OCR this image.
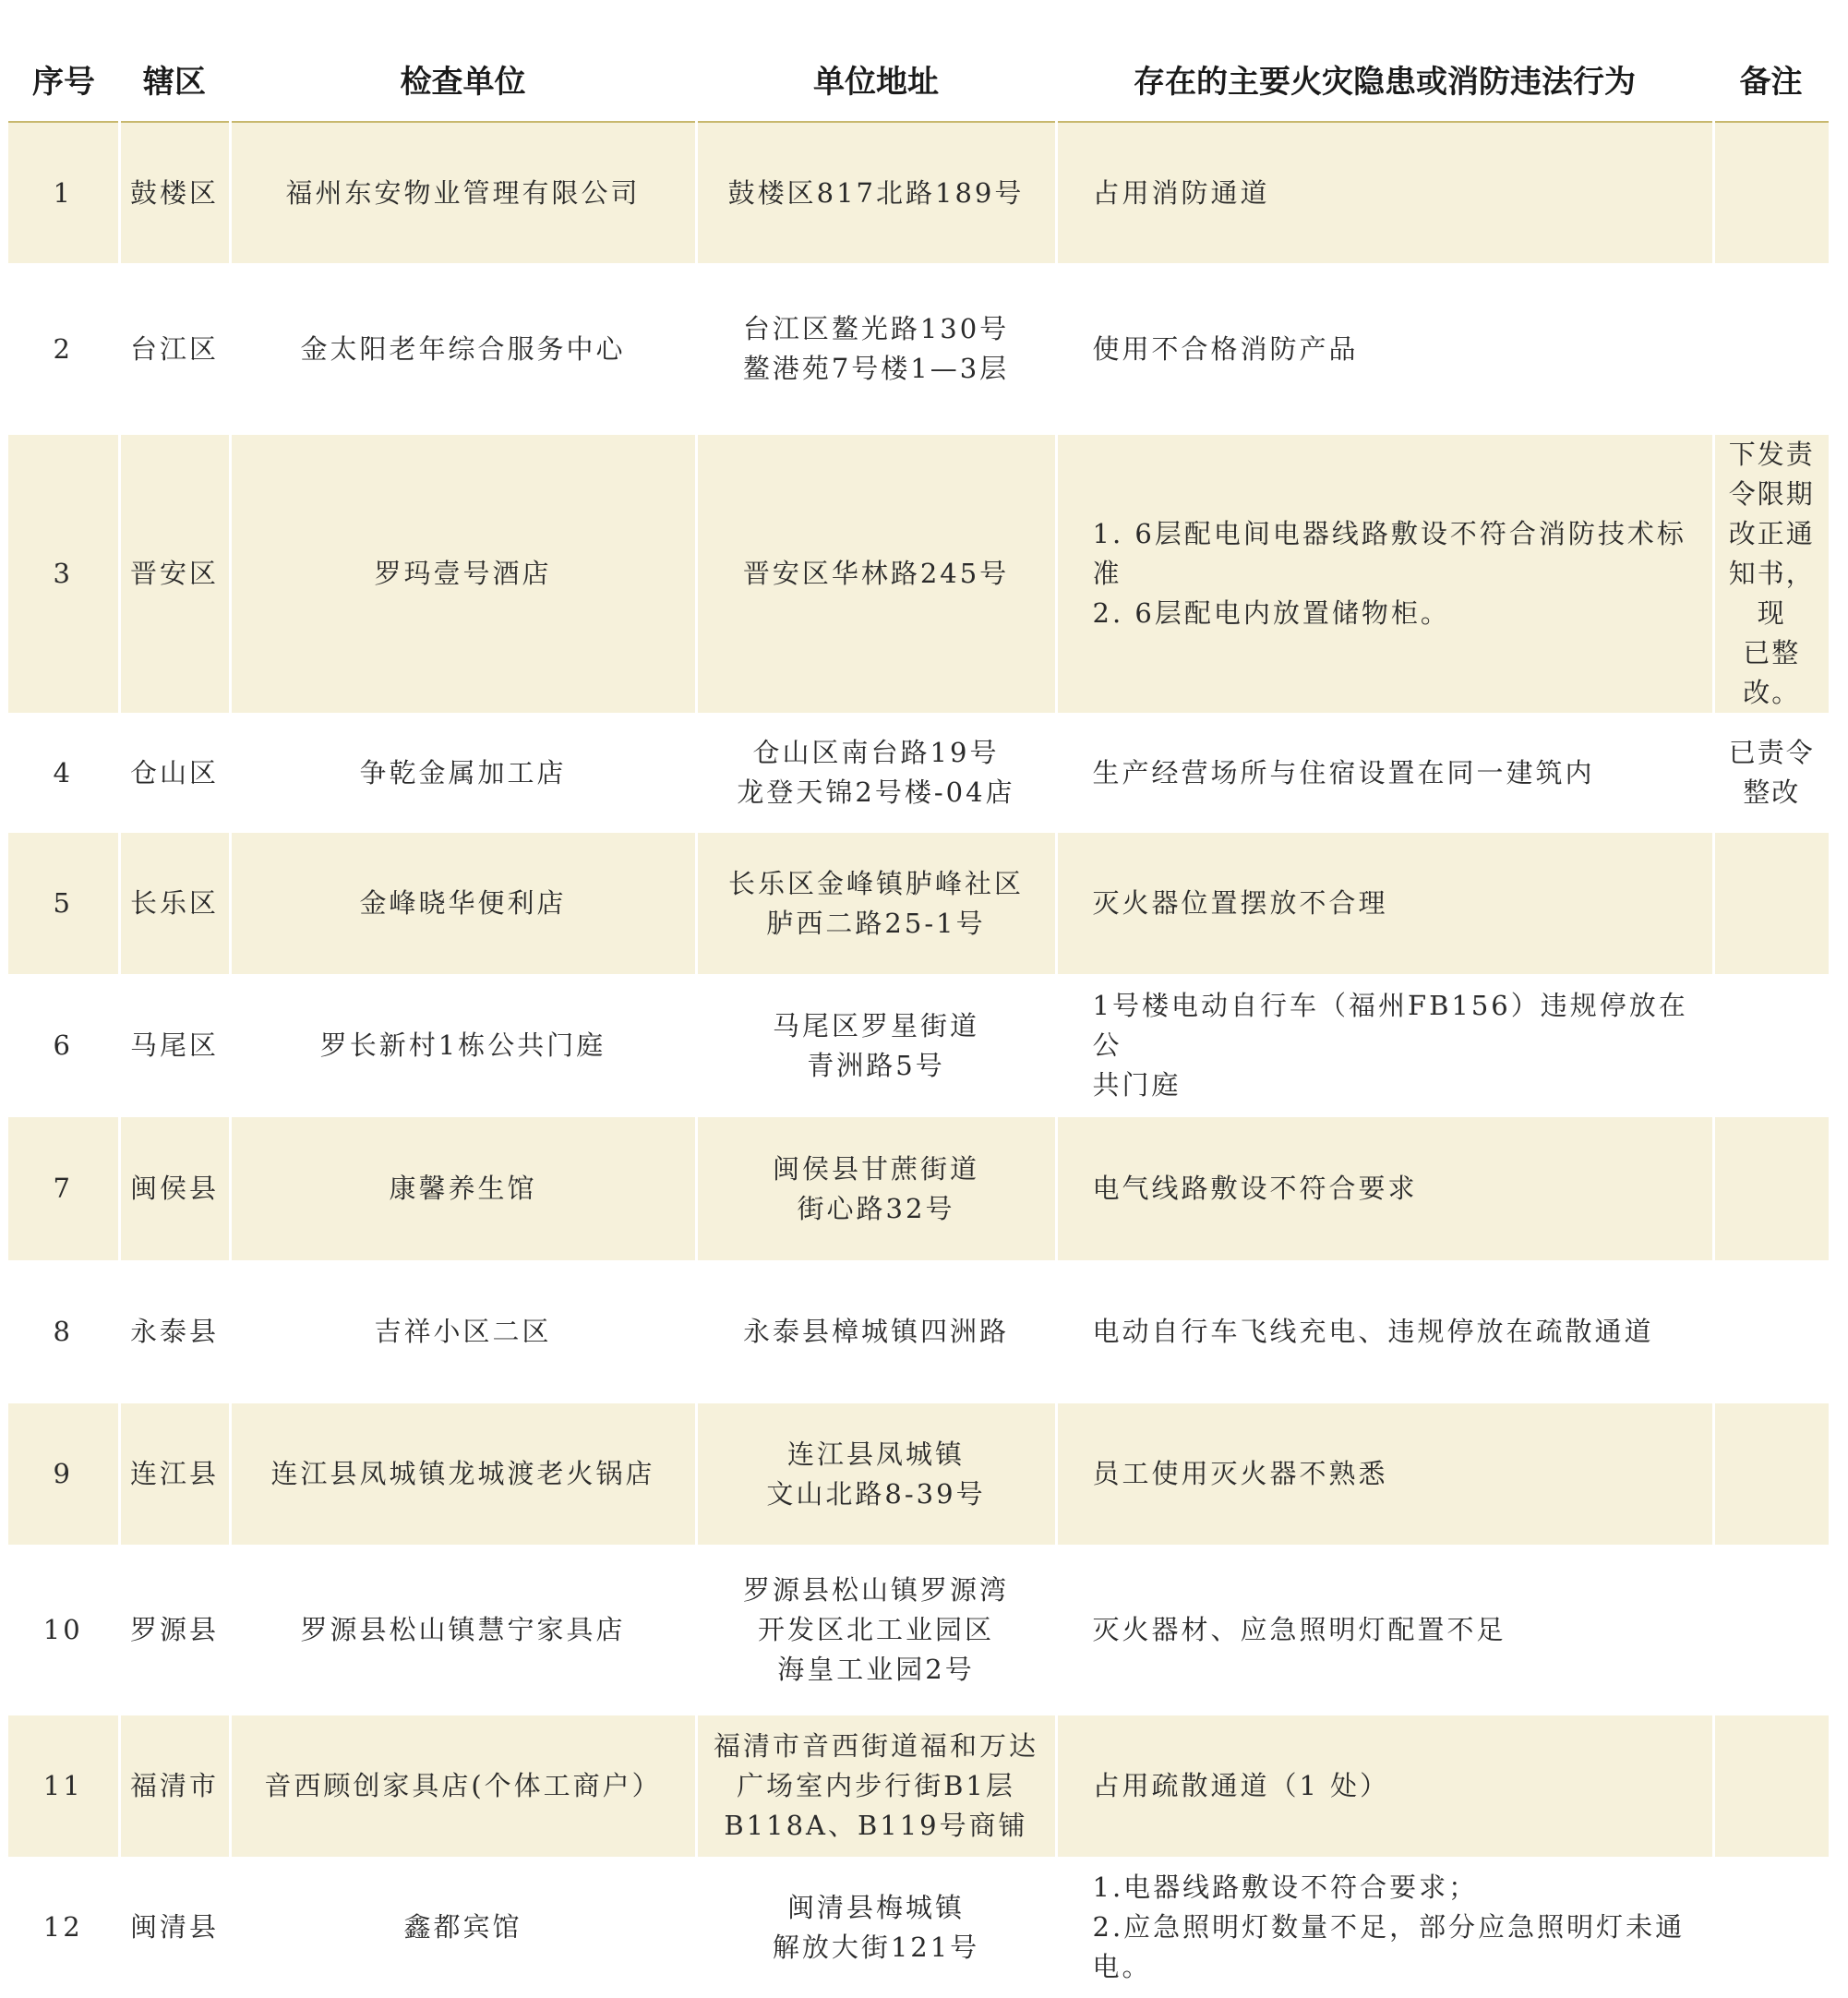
序号	辖区	检查单位	单位地址	存在的主要火灾隐患或消防违法行为	备注
1	鼓楼区	福州东安物业管理有限公司	鼓楼区817北路189号	占用消防通道	

2	台江区	金太阳老年综合服务中心	台江区鳌光路130号
鳌港苑7号楼1—3层	使用不合格消防产品	

3	晋安区	罗玛壹号酒店	晋安区华林路245号	1. 6层配电间电器线路敷设不符合消防技术标准
2. 6层配电内放置储物柜。	下发责
令限期
改正通
知书，现
已整改。

4	仓山区	争乾金属加工店	仓山区南台路19号
龙登天锦2号楼-04店	生产经营场所与住宿设置在同一建筑内	已责令
整改

5	长乐区	金峰晓华便利店	长乐区金峰镇胪峰社区
胪西二路25-1号	灭火器位置摆放不合理	

6	马尾区	罗长新村1栋公共门庭	马尾区罗星街道
青洲路5号	1号楼电动自行车（福州FB156）违规停放在公
共门庭	

7	闽侯县	康馨养生馆	闽侯县甘蔗街道
街心路32号	电气线路敷设不符合要求	

8	永泰县	吉祥小区二区	永泰县樟城镇四洲路	电动自行车飞线充电、违规停放在疏散通道	

9	连江县	连江县凤城镇龙城渡老火锅店	连江县凤城镇
文山北路8-39号	员工使用灭火器不熟悉	

10	罗源县	罗源县松山镇慧宁家具店	罗源县松山镇罗源湾
开发区北工业园区
海皇工业园2号	灭火器材、应急照明灯配置不足	

11	福清市	音西顾创家具店(个体工商户）	福清市音西街道福和万达
广场室内步行街B1层
B118A、B119号商铺	占用疏散通道（1 处）	

12	闽清县	鑫都宾馆	闽清县梅城镇
解放大街121号	1.电器线路敷设不符合要求；
2.应急照明灯数量不足，部分应急照明灯未通电。	
